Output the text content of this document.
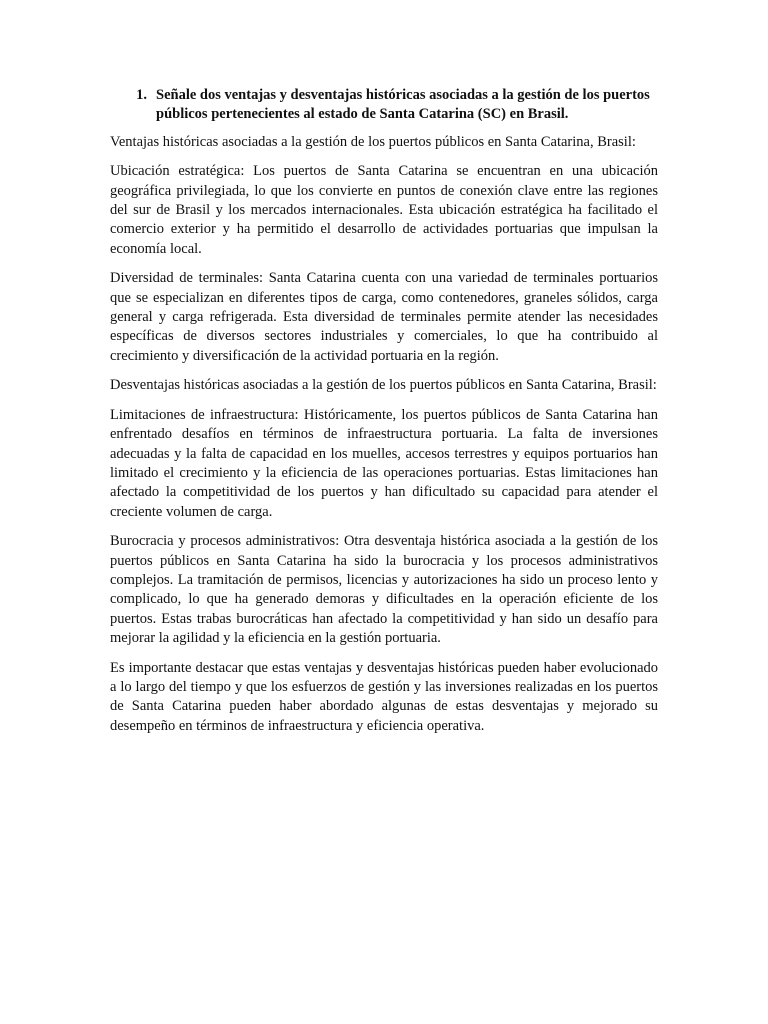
1. Señale dos ventajas y desventajas históricas asociadas a la gestión de los puertos públicos pertenecientes al estado de Santa Catarina (SC) en Brasil.

Ventajas históricas asociadas a la gestión de los puertos públicos en Santa Catarina, Brasil:

Ubicación estratégica: Los puertos de Santa Catarina se encuentran en una ubicación geográfica privilegiada, lo que los convierte en puntos de conexión clave entre las regiones del sur de Brasil y los mercados internacionales. Esta ubicación estratégica ha facilitado el comercio exterior y ha permitido el desarrollo de actividades portuarias que impulsan la economía local.

Diversidad de terminales: Santa Catarina cuenta con una variedad de terminales portuarios que se especializan en diferentes tipos de carga, como contenedores, graneles sólidos, carga general y carga refrigerada. Esta diversidad de terminales permite atender las necesidades específicas de diversos sectores industriales y comerciales, lo que ha contribuido al crecimiento y diversificación de la actividad portuaria en la región.

Desventajas históricas asociadas a la gestión de los puertos públicos en Santa Catarina, Brasil:

Limitaciones de infraestructura: Históricamente, los puertos públicos de Santa Catarina han enfrentado desafíos en términos de infraestructura portuaria. La falta de inversiones adecuadas y la falta de capacidad en los muelles, accesos terrestres y equipos portuarios han limitado el crecimiento y la eficiencia de las operaciones portuarias. Estas limitaciones han afectado la competitividad de los puertos y han dificultado su capacidad para atender el creciente volumen de carga.

Burocracia y procesos administrativos: Otra desventaja histórica asociada a la gestión de los puertos públicos en Santa Catarina ha sido la burocracia y los procesos administrativos complejos. La tramitación de permisos, licencias y autorizaciones ha sido un proceso lento y complicado, lo que ha generado demoras y dificultades en la operación eficiente de los puertos. Estas trabas burocráticas han afectado la competitividad y han sido un desafío para mejorar la agilidad y la eficiencia en la gestión portuaria.

Es importante destacar que estas ventajas y desventajas históricas pueden haber evolucionado a lo largo del tiempo y que los esfuerzos de gestión y las inversiones realizadas en los puertos de Santa Catarina pueden haber abordado algunas de estas desventajas y mejorado su desempeño en términos de infraestructura y eficiencia operativa.
